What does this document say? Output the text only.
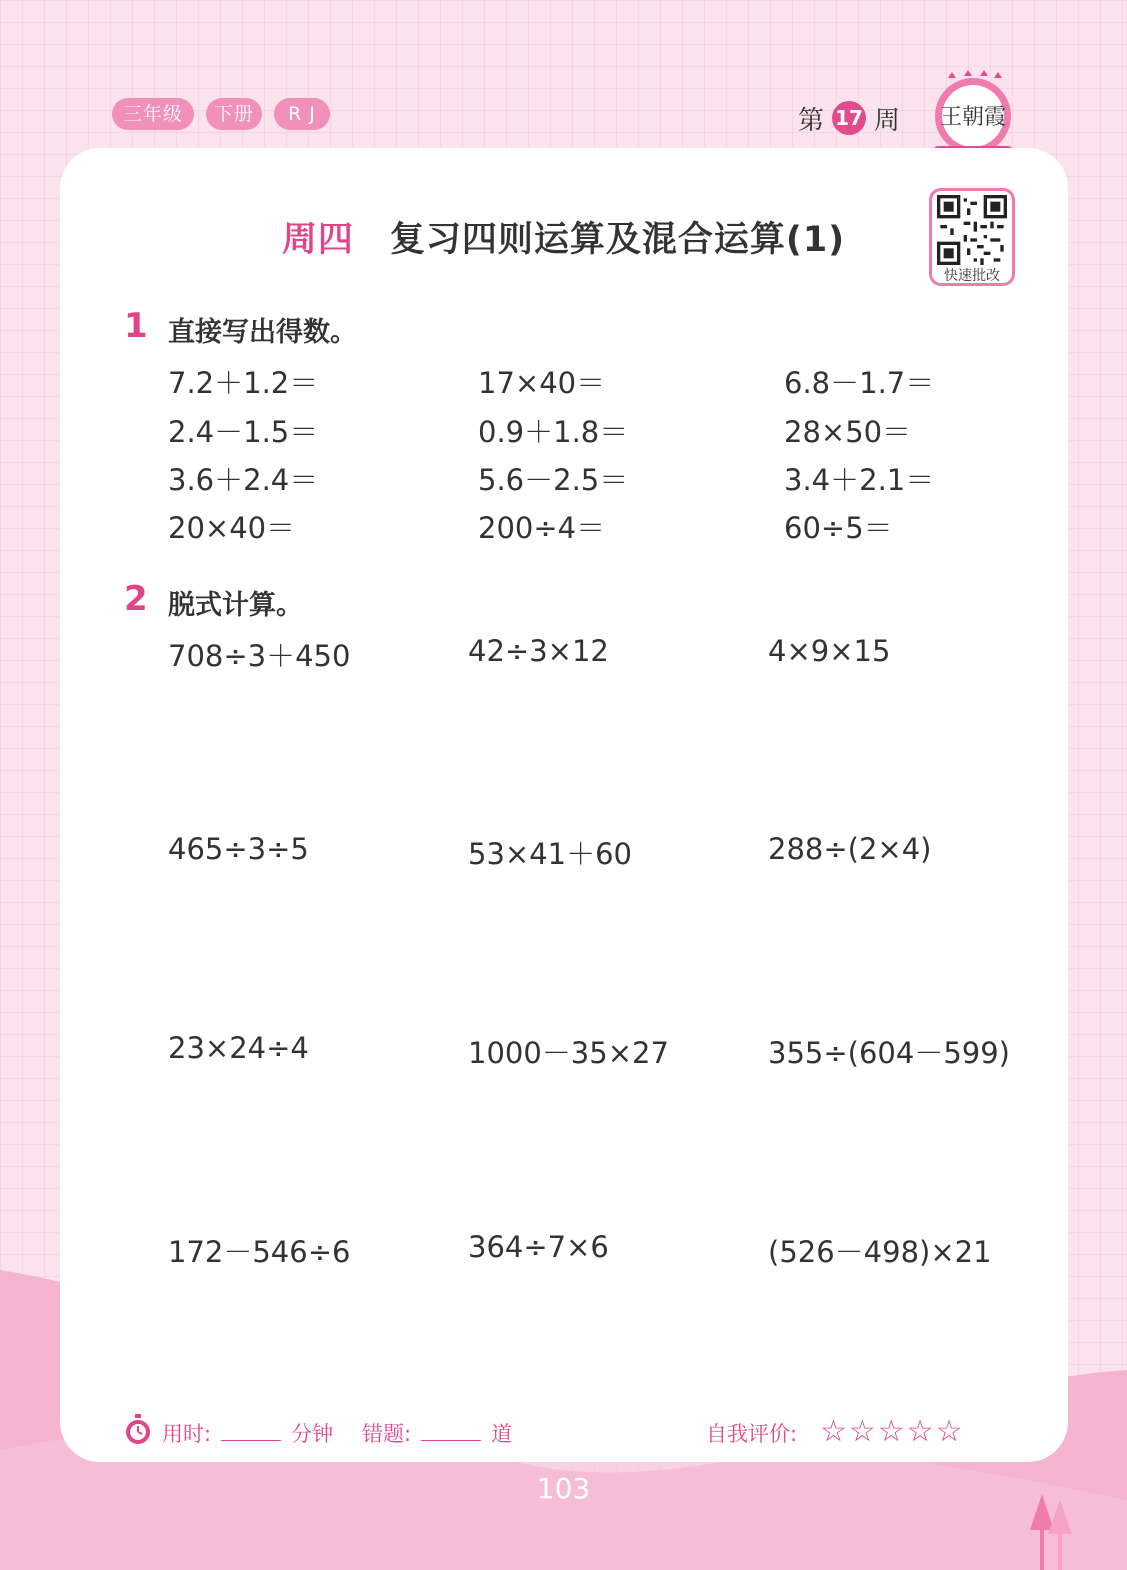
三年级	下册	R J	第 17 周 王朝霞
周四 复习四则运算及混合运算(1)
快速批改
1 直接写出得数。
7.2＋1.2＝	17×40＝	6.8－1.7＝
2.4－1.5＝	0.9＋1.8＝	28×50＝
3.6＋2.4＝	5.6－2.5＝	3.4＋2.1＝
20×40＝	200÷4＝	60÷5＝
2 脱式计算。
708÷3＋450	42÷3×12	4×9×15
465÷3÷5	53×41＋60	288÷(2×4)
23×24÷4	1000－35×27	355÷(604－599)
172－546÷6	364÷7×6	(526－498)×21
用时:	分钟 错题:	道	自我评价: ☆☆☆☆☆
103
